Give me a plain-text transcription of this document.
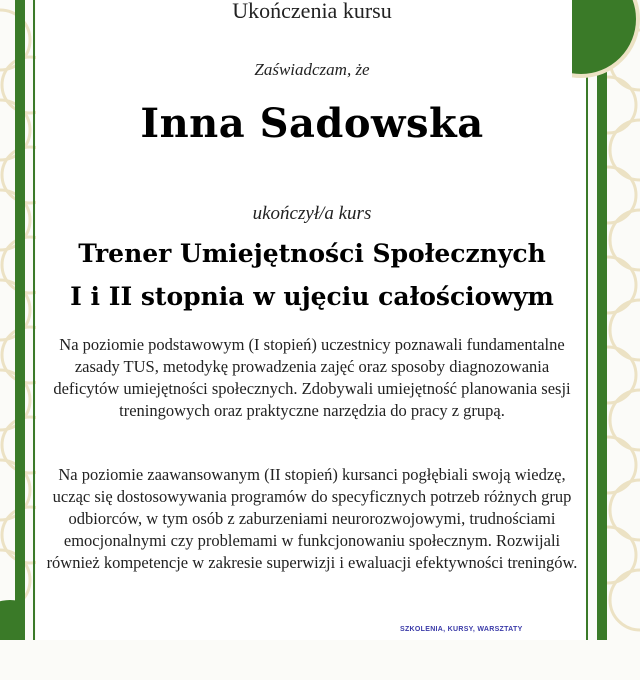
Ukończenia kursu
Zaświadczam, że
Inna Sadowska
ukończył/a kurs
Trener Umiejętności Społecznych
I i II stopnia w ujęciu całościowym
Na poziomie podstawowym (I stopień) uczestnicy poznawali fundamentalne zasady TUS, metodykę prowadzenia zajęć oraz sposoby diagnozowania deficytów umiejętności społecznych. Zdobywali umiejętność planowania sesji treningowych oraz praktyczne narzędzia do pracy z grupą.
Na poziomie zaawansowanym (II stopień) kursanci pogłębiali swoją wiedzę, ucząc się dostosowywania programów do specyficznych potrzeb różnych grup odbiorców, w tym osób z zaburzeniami neurorozwojowymi, trudnościami emocjonalnymi czy problemami w funkcjonowaniu społecznym. Rozwijali również kompetencje w zakresie superwizji i ewaluacji efektywności treningów.
SZKOLENIA, KURSY, WARSZTATY
